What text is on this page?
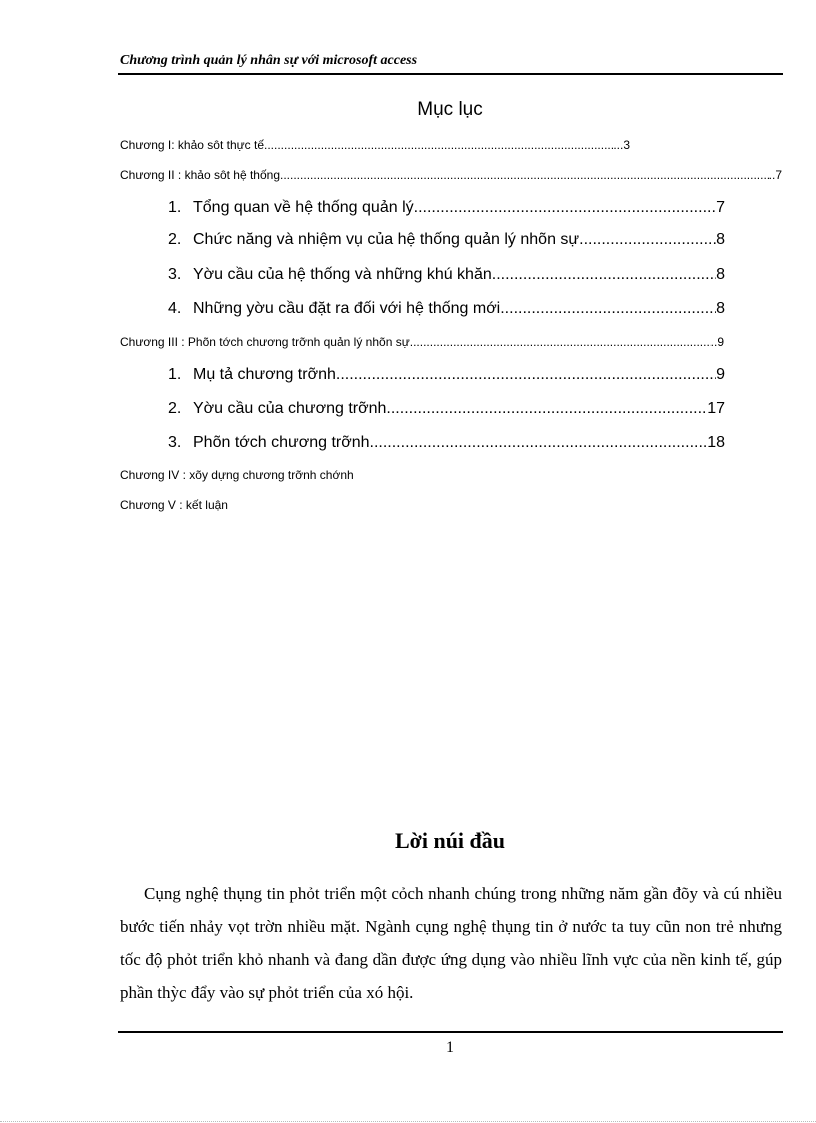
Chương trình quản lý nhân sự với microsoft access
Mục lục
Chương I: khảo sôt thực tế .....	...3
Chương II : khảo sôt hệ thống .....	..7
1. Tổng quan về hệ thống quản lý .....	7
2. Chức năng và nhiệm vụ của hệ thống quản lý nhõn sự .....	8
3. Yờu cầu của hệ thống và những khú khăn .....	8
4. Những yờu cầu đặt ra đối với hệ thống mới .....	8
Chương III : Phõn tớch chương trỡnh quản lý nhõn sự .....	..9
1. Mụ tả chương trỡnh .....	9
2. Yờu cầu của chương trỡnh .....	17
3. Phõn tớch chương trỡnh .....	18
Chương IV : xõy dựng chương trỡnh chớnh
Chương V : kết luận
Lời núi đầu
Cụng nghệ thụng tin phỏt triển một cỏch nhanh chúng trong những năm gần đõy và cú nhiều bước tiến nhảy vọt trờn nhiều mặt. Ngành cụng nghệ thụng tin ở nước ta tuy cũn non trẻ nhưng tốc độ phỏt triển khỏ nhanh và đang dần được ứng dụng vào nhiều lĩnh vực của nền kinh tế, gúp phần thỳc đẩy vào sự phỏt triển của xó hội.
1
